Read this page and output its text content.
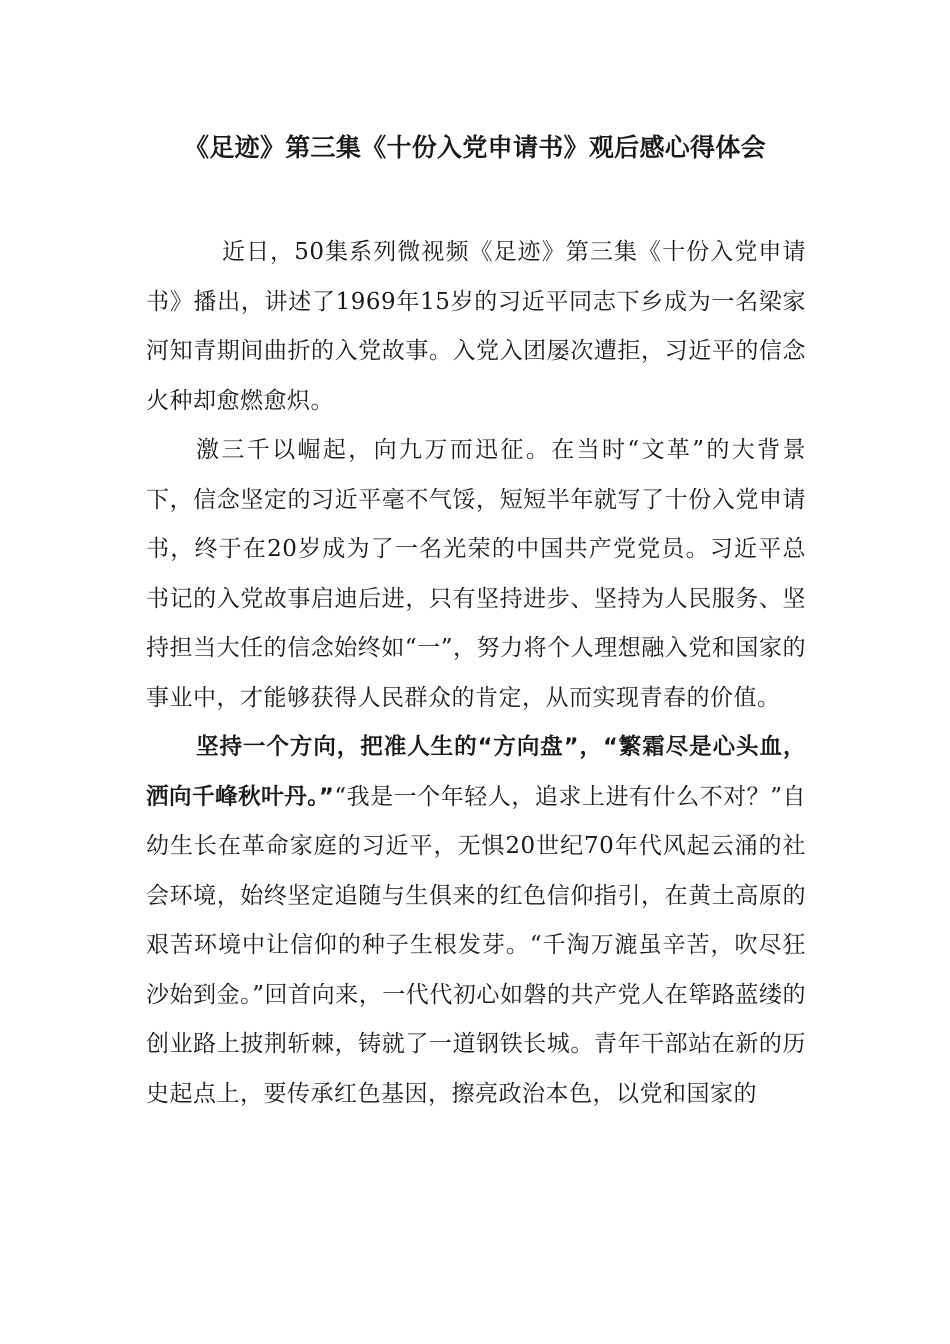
《足迹》第三集《十份入党申请书》观后感心得体会

近日，50集系列微视频《足迹》第三集《十份入党申请书》播出，讲述了1969年15岁的习近平同志下乡成为一名梁家河知青期间曲折的入党故事。入党入团屡次遭拒，习近平的信念火种却愈燃愈炽。

激三千以崛起，向九万而迅征。在当时“文革”的大背景下，信念坚定的习近平毫不气馁，短短半年就写了十份入党申请书，终于在20岁成为了一名光荣的中国共产党党员。习近平总书记的入党故事启迪后进，只有坚持进步、坚持为人民服务、坚持担当大任的信念始终如“一”，努力将个人理想融入党和国家的事业中，才能够获得人民群众的肯定，从而实现青春的价值。

坚持一个方向，把准人生的“方向盘”，“繁霜尽是心头血，洒向千峰秋叶丹。”“我是一个年轻人，追求上进有什么不对？”自幼生长在革命家庭的习近平，无惧20世纪70年代风起云涌的社会环境，始终坚定追随与生俱来的红色信仰指引，在黄土高原的艰苦环境中让信仰的种子生根发芽。“千淘万漉虽辛苦，吹尽狂沙始到金。”回首向来，一代代初心如磐的共产党人在筚路蓝缕的创业路上披荆斩棘，铸就了一道钢铁长城。青年干部站在新的历史起点上，要传承红色基因，擦亮政治本色，以党和国家的
